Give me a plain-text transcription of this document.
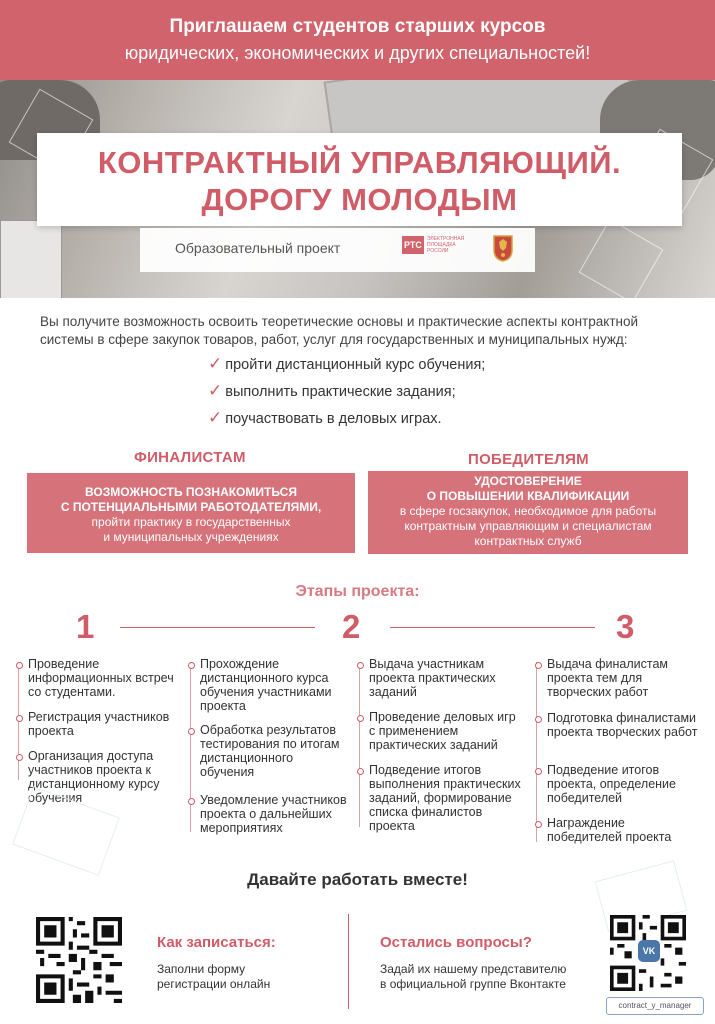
Приглашаем студентов старших курсов
юридических, экономических и других специальностей!
КОНТРАКТНЫЙ УПРАВЛЯЮЩИЙ.
ДОРОГУ МОЛОДЫМ
Образовательный проект	РТС
ЭЛЕКТРОННАЯ ПЛОЩАДКА РОССИИ
Вы получите возможность освоить теоретические основы и практические аспекты контрактной системы в сфере закупок товаров, работ, услуг для государственных и муниципальных нужд:
✓ пройти дистанционный курс обучения;
✓ выполнить практические задания;
✓ поучаствовать в деловых играх.
ФИНАЛИСТАМ	ПОБЕДИТЕЛЯМ
ВОЗМОЖНОСТЬ ПОЗНАКОМИТЬСЯ
С ПОТЕНЦИАЛЬНЫМИ РАБОТОДАТЕЛЯМИ,
пройти практику в государственных
и муниципальных учреждениях
УДОСТОВЕРЕНИЕ
О ПОВЫШЕНИИ КВАЛИФИКАЦИИ
в сфере госзакупок, необходимое для работы
контрактным управляющим и специалистам
контрактных служб
Этапы проекта:
1	2	3
Проведение информационных встреч со студентами.
Регистрация участников проекта
Организация доступа участников проекта к дистанционному курсу обучения
Прохождение дистанционного курса обучения участниками проекта
Обработка результатов тестирования по итогам дистанционного обучения
Уведомление участников проекта о дальнейших мероприятиях
Выдача участникам проекта практических заданий
Проведение деловых игр с применением практических заданий
Подведение итогов выполнения практических заданий, формирование списка финалистов проекта
Выдача финалистам проекта тем для творческих работ
Подготовка финалистами проекта творческих работ
Подведение итогов проекта, определение победителей
Награждение победителей проекта
Давайте работать вместе!
Как записаться:
Заполни форму
регистрации онлайн
Остались вопросы?
Задай их нашему представителю
в официальной группе Вконтакте
VK
contract_y_manager
